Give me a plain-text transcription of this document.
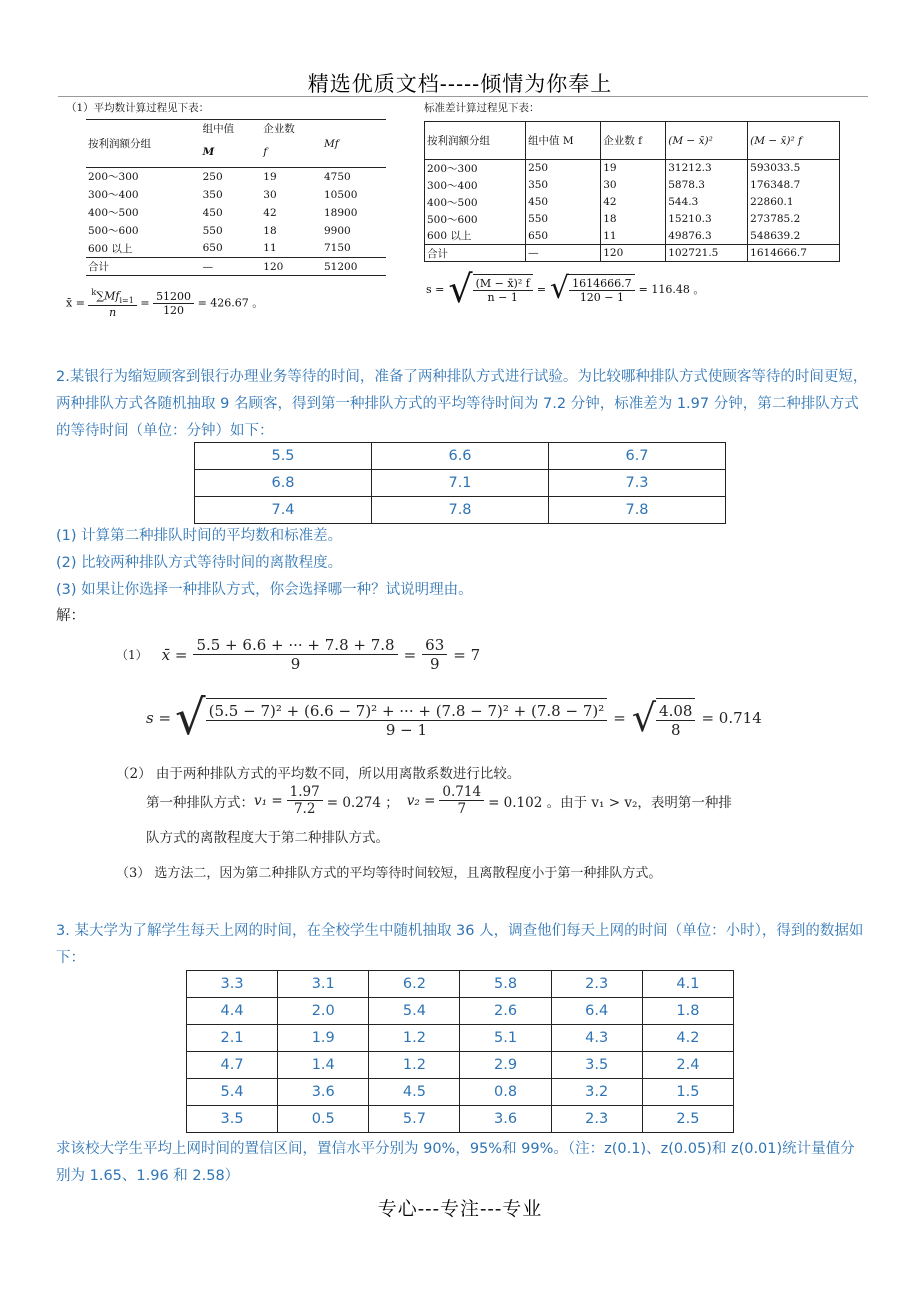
精选优质文档-----倾情为你奉上
（1）平均数计算过程见下表：
按利润额分组	组中值	企业数	Mf
	M	f	
200～300	250	19	4750
300～400	350	30	10500
400～500	450	42	18900
500～600	550	18	9900
600 以上	650	11	7150
合计	—	120	51200
x̄ = $\frac{^k\sum Mf_{i=1}}{n} = \frac{51200}{120} = 426.67$ 。
标准差计算过程见下表：
按利润额分组	组中值 M	企业数 f	(M − x̄)²	(M − x̄)² f
200～300	250	19	31212.3	593033.5
300～400	350	30	5878.3	176348.7
400～500	450	42	544.3	22860.1
500～600	550	18	15210.3	273785.2
600 以上	650	11	49876.3	548639.2
合计	—	120	102721.5	1614666.7
s = √ $\frac{\text{(M − x̄)² f}}{n - 1}$ = √ $\frac{1614666.7}{120 - 1} = 116.48$ 。

2.某银行为缩短顾客到银行办理业务等待的时间，准备了两种排队方式进行试验。为比较哪种排队方式使顾客等待的时间更短，两种排队方式各随机抽取 9 名顾客，得到第一种排队方式的平均等待时间为 7.2 分钟，标准差为 1.97 分钟，第二种排队方式的等待时间（单位：分钟）如下：

5.5	6.6	6.7
6.8	7.1	7.3
7.4	7.8	7.8

(1) 计算第二种排队时间的平均数和标准差。

(2) 比较两种排队方式等待时间的离散程度。

(3) 如果让你选择一种排队方式，你会选择哪一种？试说明理由。

解：
（1） x̄ = $\frac{5.5 + 6.6 + \cdot\cdot\cdot + 7.8 + 7.8}{9} = \frac{63}{9} = 7$
s = √ $\frac{\text{(5.5 − 7)² + (6.6 − 7)² + ··· + (7.8 − 7)² + (7.8 − 7)²}}{9 - 1}$ = √ $\frac{4.08}{8} = 0.714$
（2） 由于两种排队方式的平均数不同，所以用离散系数进行比较。
第一种排队方式： $v_1 = \frac{1.97}{7.2} = 0.274$ ； $v_2 = \frac{0.714}{7} = 0.102$ 。由于 v₁ > v₂，表明第一种排
队方式的离散程度大于第二种排队方式。
（3） 选方法二，因为第二种排队方式的平均等待时间较短，且离散程度小于第一种排队方式。

3. 某大学为了解学生每天上网的时间，在全校学生中随机抽取 36 人，调查他们每天上网的时间（单位：小时），得到的数据如下：

3.3	3.1	6.2	5.8	2.3	4.1
4.4	2.0	5.4	2.6	6.4	1.8
2.1	1.9	1.2	5.1	4.3	4.2
4.7	1.4	1.2	2.9	3.5	2.4
5.4	3.6	4.5	0.8	3.2	1.5
3.5	0.5	5.7	3.6	2.3	2.5

求该校大学生平均上网时间的置信区间，置信水平分别为 90%，95%和 99%。（注：z(0.1)、z(0.05)和 z(0.01)统计量值分别为 1.65、1.96 和 2.58）

专心---专注---专业
